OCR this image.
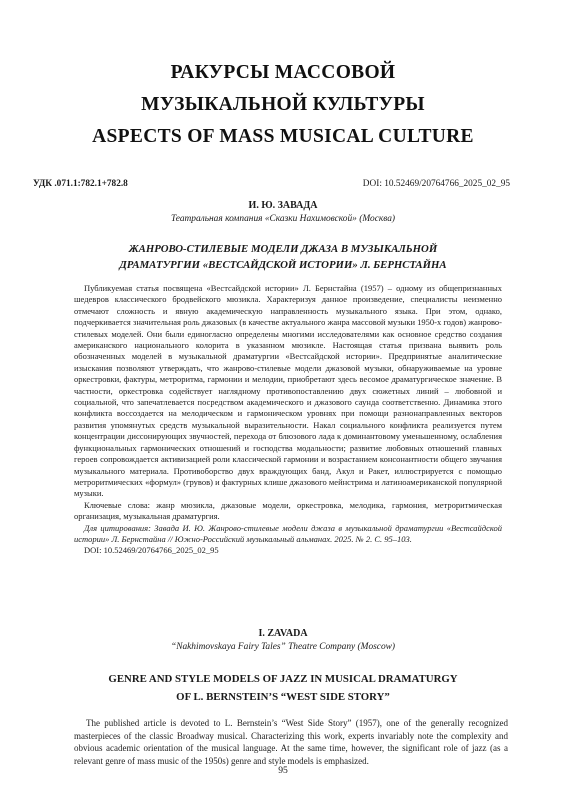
РАКУРСЫ МАССОВОЙ
МУЗЫКАЛЬНОЙ КУЛЬТУРЫ
ASPECTS OF MASS MUSICAL CULTURE
УДК .071.1:782.1+782.8	DOI: 10.52469/20764766_2025_02_95
И. Ю. ЗАВАДА
Театральная компания «Сказки Нахимовской» (Москва)
ЖАНРОВО-СТИЛЕВЫЕ МОДЕЛИ ДЖАЗА В МУЗЫКАЛЬНОЙ
ДРАМАТУРГИИ «ВЕСТСАЙДСКОЙ ИСТОРИИ» Л. БЕРНСТАЙНА

Публикуемая статья посвящена «Вестсайдской истории» Л. Бернстайна (1957) – одному из общепризнанных шедевров классического бродвейского мюзикла. Характеризуя данное произведение, специалисты неизменно отмечают сложность и явную академическую направленность музыкального языка. При этом, однако, подчеркивается значительная роль джазовых (в качестве актуального жанра массовой музыки 1950-х годов) жанрово-стилевых моделей. Они были единогласно определены многими исследователями как основное средство создания американского национального колорита в указанном мюзикле. Настоящая статья призвана выявить роль обозначенных моделей в музыкальной драматургии «Вестсайдской истории». Предпринятые аналитические изыскания позволяют утверждать, что жанрово-стилевые модели джазовой музыки, обнаруживаемые на уровне оркестровки, фактуры, метроритма, гармонии и мелодии, приобретают здесь весомое драматургическое значение. В частности, оркестровка содействует наглядному противопоставлению двух сюжетных линий – любовной и социальной, что запечатлевается посредством академического и джазового саунда соответственно. Динамика этого конфликта воссоздается на мелодическом и гармоническом уровнях при помощи разнонаправленных векторов развития упомянутых средств музыкальной выразительности. Накал социального конфликта реализуется путем концентрации диссонирующих звучностей, перехода от блюзового лада к доминантовому уменьшенному, ослабления функциональных гармонических отношений и господства модальности; развитие любовных отношений главных героев сопровождается активизацией роли классической гармонии и возрастанием консонантности общего звучания музыкального материала. Противоборство двух враждующих банд, Акул и Ракет, иллюстрируется с помощью метроритмических «формул» (грувов) и фактурных клише джазового мейнстрима и латиноамериканской популярной музыки.

Ключевые слова: жанр мюзикла, джазовые модели, оркестровка, мелодика, гармония, метроритмическая организация, музыкальная драматургия.

Для цитирования: Завада И. Ю. Жанрово-стилевые модели джаза в музыкальной драматургии «Вестсайдской истории» Л. Бернстайна // Южно-Российский музыкальный альманах. 2025. № 2. С. 95–103.

DOI: 10.52469/20764766_2025_02_95

I. ZAVADA
“Nakhimovskaya Fairy Tales” Theatre Company (Moscow)
GENRE AND STYLE MODELS OF JAZZ IN MUSICAL DRAMATURGY
OF L. BERNSTEIN’S “WEST SIDE STORY”

The published article is devoted to L. Bernstein’s “West Side Story” (1957), one of the generally recognized masterpieces of the classic Broadway musical. Characterizing this work, experts invariably note the complexity and obvious academic orientation of the musical language. At the same time, however, the significant role of jazz (as a relevant genre of mass music of the 1950s) genre and style models is emphasized.

95
